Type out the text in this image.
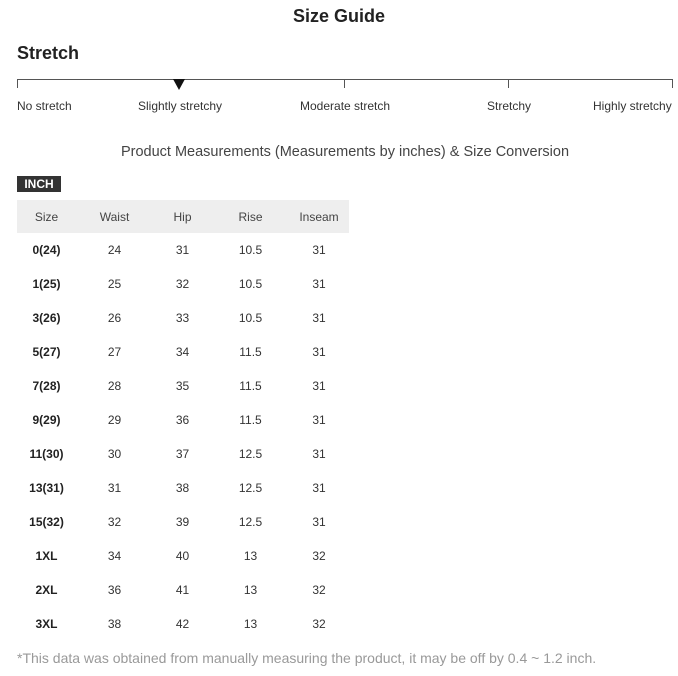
Size Guide
Stretch
No stretch	Slightly stretchy	Moderate stretch	Stretchy	Highly stretchy
Product Measurements (Measurements by inches) & Size Conversion
INCH
Size	Waist	Hip	Rise	Inseam
0(24)	24	31	10.5	31
1(25)	25	32	10.5	31
3(26)	26	33	10.5	31
5(27)	27	34	11.5	31
7(28)	28	35	11.5	31
9(29)	29	36	11.5	31
11(30)	30	37	12.5	31
13(31)	31	38	12.5	31
15(32)	32	39	12.5	31
1XL	34	40	13	32
2XL	36	41	13	32
3XL	38	42	13	32
*This data was obtained from manually measuring the product, it may be off by 0.4 ~ 1.2 inch.
